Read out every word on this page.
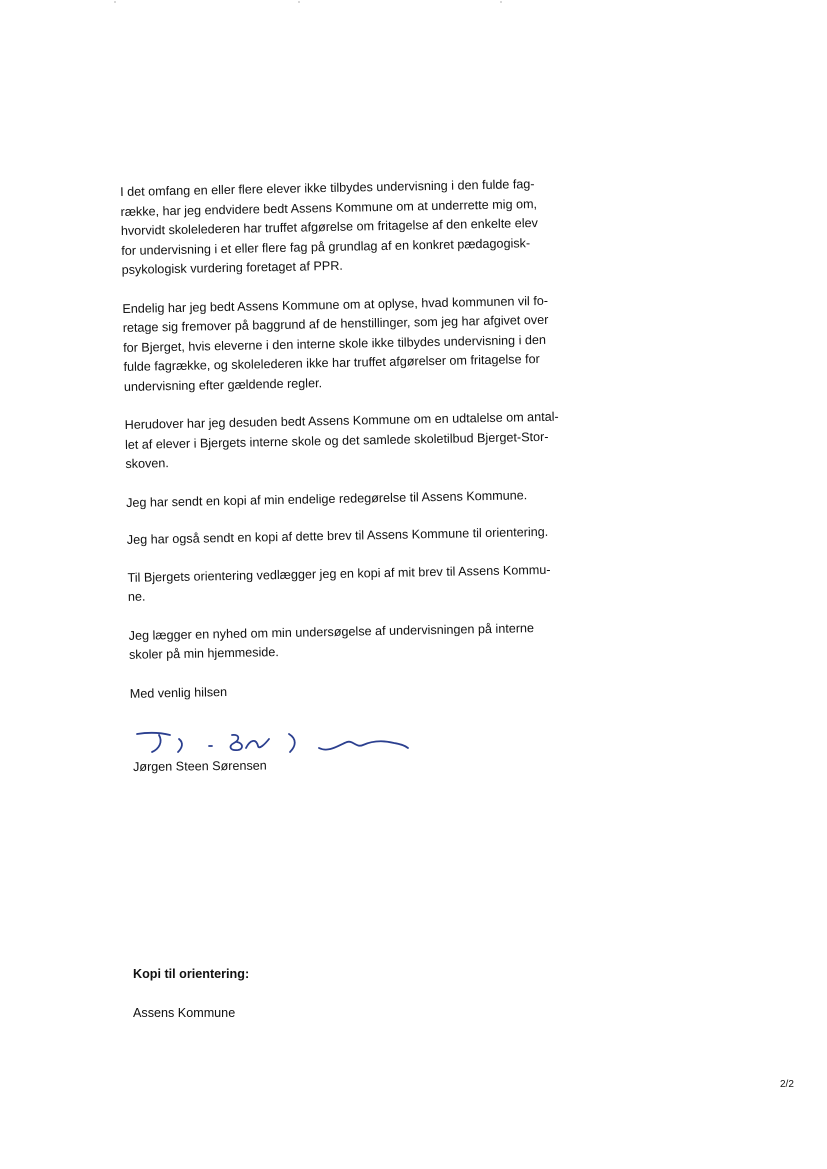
I det omfang en eller flere elever ikke tilbydes undervisning i den fulde fag-
række, har jeg endvidere bedt Assens Kommune om at underrette mig om,
hvorvidt skolelederen har truffet afgørelse om fritagelse af den enkelte elev
for undervisning i et eller flere fag på grundlag af en konkret pædagogisk-
psykologisk vurdering foretaget af PPR.

Endelig har jeg bedt Assens Kommune om at oplyse, hvad kommunen vil fo-
retage sig fremover på baggrund af de henstillinger, som jeg har afgivet over
for Bjerget, hvis eleverne i den interne skole ikke tilbydes undervisning i den
fulde fagrække, og skolelederen ikke har truffet afgørelser om fritagelse for
undervisning efter gældende regler.

Herudover har jeg desuden bedt Assens Kommune om en udtalelse om antal-
let af elever i Bjergets interne skole og det samlede skoletilbud Bjerget-Stor-
skoven.

Jeg har sendt en kopi af min endelige redegørelse til Assens Kommune.

Jeg har også sendt en kopi af dette brev til Assens Kommune til orientering.

Til Bjergets orientering vedlægger jeg en kopi af mit brev til Assens Kommu-
ne.

Jeg lægger en nyhed om min undersøgelse af undervisningen på interne
skoler på min hjemmeside.

Med venlig hilsen

Jørgen Steen Sørensen
Kopi til orientering:
Assens Kommune
2/2
